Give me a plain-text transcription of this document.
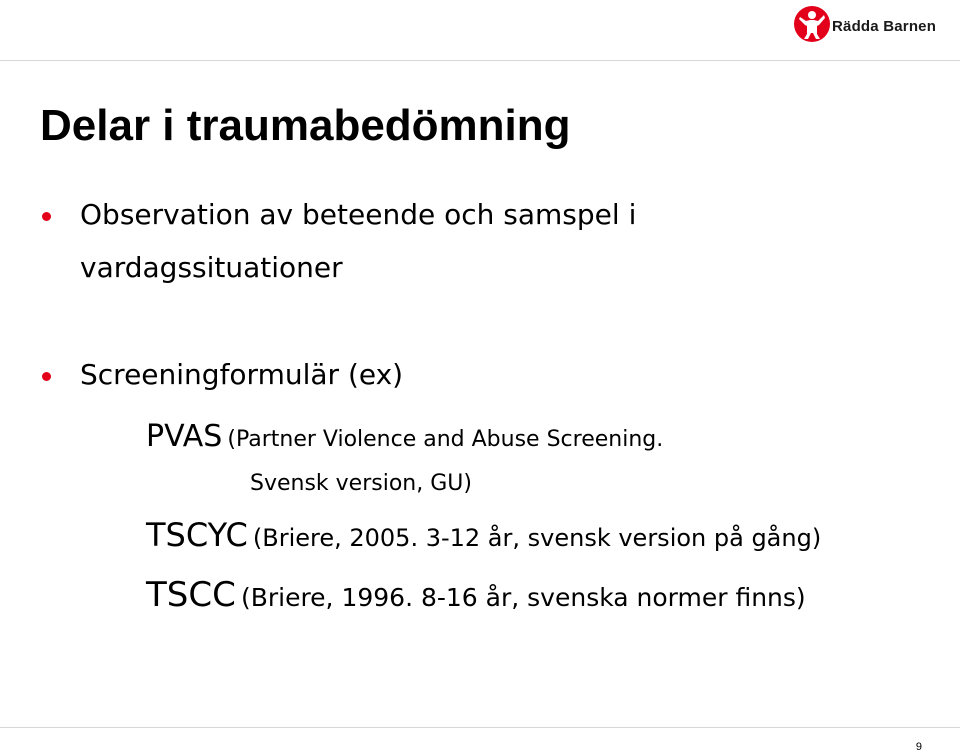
Rädda Barnen
Delar i traumabedömning
Observation av beteende och samspel i
vardagssituationer
Screeningformulär (ex)
PVAS (Partner Violence and Abuse Screening.
Svensk version, GU)
TSCYC (Briere, 2005. 3-12 år, svensk version på gång)
TSCC (Briere, 1996. 8-16 år, svenska normer finns)
9
